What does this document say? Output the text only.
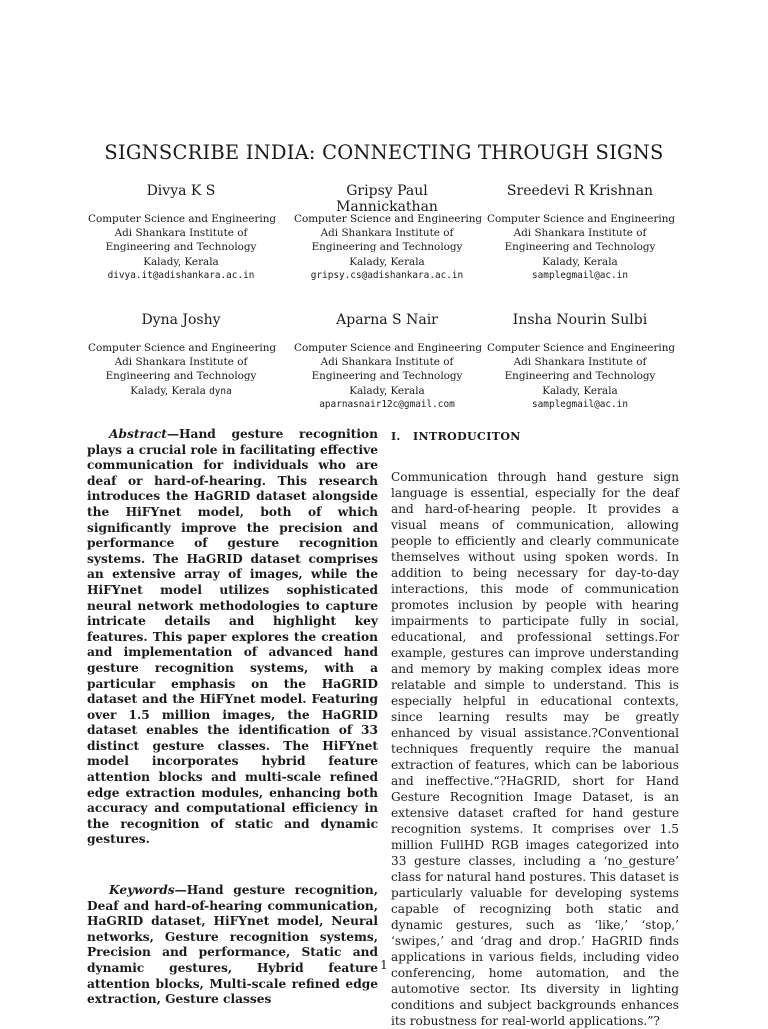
SIGNSCRIBE INDIA: CONNECTING THROUGH SIGNS
Divya K S
Computer Science and Engineering
Adi Shankara Institute of
Engineering and Technology
Kalady, Kerala
divya.it@adishankara.ac.in
Gripsy Paul Mannickathan
Computer Science and Engineering
Adi Shankara Institute of
Engineering and Technology
Kalady, Kerala
gripsy.cs@adishankara.ac.in
Sreedevi R Krishnan
Computer Science and Engineering
Adi Shankara Institute of
Engineering and Technology
Kalady, Kerala
samplegmail@ac.in
Dyna Joshy
Computer Science and Engineering
Adi Shankara Institute of
Engineering and Technology
Kalady, Kerala dyna
Aparna S Nair
Computer Science and Engineering
Adi Shankara Institute of
Engineering and Technology
Kalady, Kerala
aparnasnair12c@gmail.com
Insha Nourin Sulbi
Computer Science and Engineering
Adi Shankara Institute of
Engineering and Technology
Kalady, Kerala
samplegmail@ac.in

Abstract—Hand gesture recognition plays a crucial role in facilitating effective communication for individuals who are deaf or hard-of-hearing. This research introduces the HaGRID dataset alongside the HiFYnet model, both of which significantly improve the precision and performance of gesture recognition systems. The HaGRID dataset comprises an extensive array of images, while the HiFYnet model utilizes sophisticated neural network methodologies to capture intricate details and highlight key features. This paper explores the creation and implementation of advanced hand gesture recognition systems, with a particular emphasis on the HaGRID dataset and the HiFYnet model. Featuring over 1.5 million images, the HaGRID dataset enables the identification of 33 distinct gesture classes. The HiFYnet model incorporates hybrid feature attention blocks and multi-scale refined edge extraction modules, enhancing both accuracy and computational efficiency in the recognition of static and dynamic gestures.

Keywords—Hand gesture recognition, Deaf and hard-of-hearing communication, HaGRID dataset, HiFYnet model, Neural networks, Gesture recognition systems, Precision and performance, Static and dynamic gestures, Hybrid feature attention blocks, Multi-scale refined edge extraction, Gesture classes

I. INTRODUCITON

Communication through hand gesture sign language is essential, especially for the deaf and hard-of-hearing people. It provides a visual means of communication, allowing people to efficiently and clearly communicate themselves without using spoken words. In addition to being necessary for day-to-day interactions, this mode of communication promotes inclusion by people with hearing impairments to participate fully in social, educational, and professional settings.For example, gestures can improve understanding and memory by making complex ideas more relatable and simple to understand. This is especially helpful in educational contexts, since learning results may be greatly enhanced by visual assistance.?Conventional techniques frequently require the manual extraction of features, which can be laborious and ineffective.“?HaGRID, short for Hand Gesture Recognition Image Dataset, is an extensive dataset crafted for hand gesture recognition systems. It comprises over 1.5 million FullHD RGB images categorized into 33 gesture classes, including a ‘no_gesture’ class for natural hand postures. This dataset is particularly valuable for developing systems capable of recognizing both static and dynamic gestures, such as ‘like,’ ‘stop,’ ‘swipes,’ and ‘drag and drop.’ HaGRID finds applications in various fields, including video conferencing, home automation, and the automotive sector. Its diversity in lighting conditions and subject backgrounds enhances its robustness for real-world applications.”?

1
